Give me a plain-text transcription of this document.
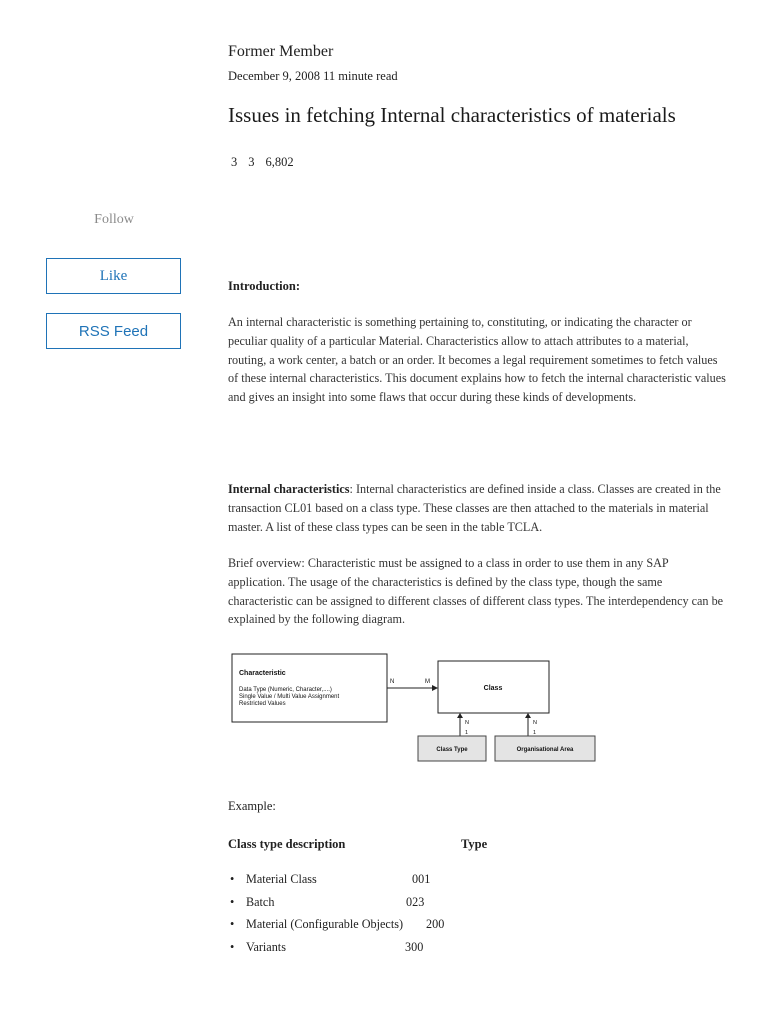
Former Member
December 9, 2008 11 minute read
Issues in fetching Internal characteristics of materials
3 3 6,802
Follow
Like
RSS Feed
Introduction:
An internal characteristic is something pertaining to, constituting, or indicating the character or peculiar quality of a particular Material. Characteristics allow to attach attributes to a material, routing, a work center, a batch or an order. It becomes a legal requirement sometimes to fetch values of these internal characteristics. This document explains how to fetch the internal characteristic values and gives an insight into some flaws that occur during these kinds of developments.
Internal characteristics: Internal characteristics are defined inside a class. Classes are created in the transaction CL01 based on a class type. These classes are then attached to the materials in material master. A list of these class types can be seen in the table TCLA.
Brief overview: Characteristic must be assigned to a class in order to use them in any SAP application. The usage of the characteristics is defined by the class type, though the same characteristic can be assigned to different classes of different class types. The interdependency can be explained by the following diagram.
Characteristic
Data Type (Numeric, Character,....)
Single Value / Multi Value Assignment
Restricted Values
N	M
Class
N
1
N
1
Class Type	Organisational Area
Example:
Class type description	Type
• Material Class	001
• Batch	023
• Material (Configurable Objects) 200
• Variants	300
